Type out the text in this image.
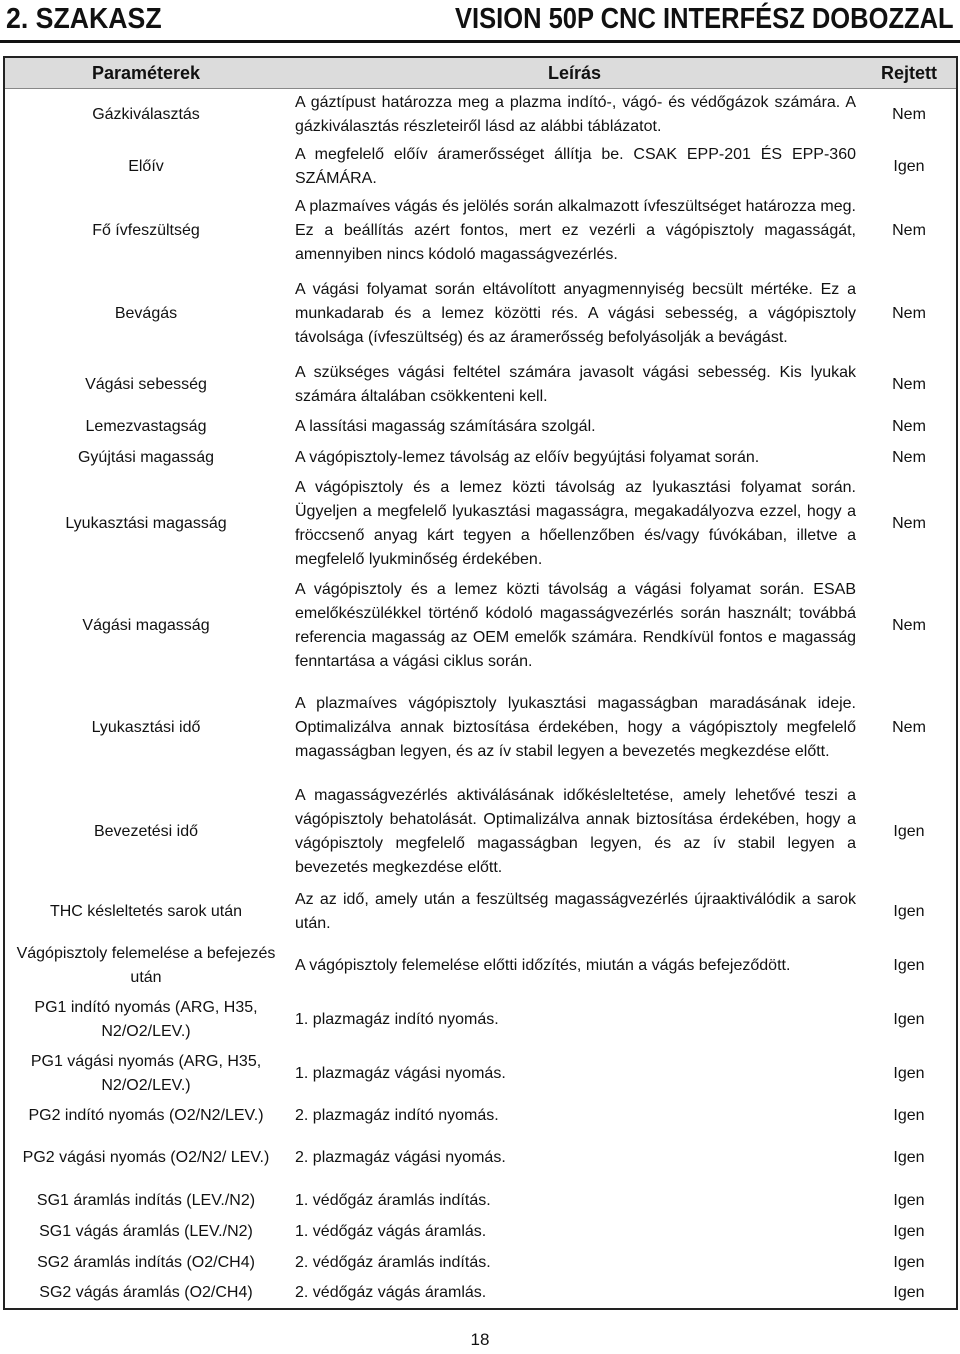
2. SZAKASZ	VISION 50P CNC INTERFÉSZ DOBOZZAL
Paraméterek	Leírás	Rejtett
Gázkiválasztás	A gáztípust határozza meg a plazma indító-, vágó- és védőgázok számára. A gázkiválasztás részleteiről lásd az alábbi táblázatot.	Nem
Előív	A megfelelő előív áramerősséget állítja be. CSAK EPP-201 ÉS EPP-360 SZÁMÁRA.	Igen
Fő ívfeszültség	A plazmaíves vágás és jelölés során alkalmazott ívfeszültséget határozza meg. Ez a beállítás azért fontos, mert ez vezérli a vágópisztoly magasságát, amennyiben nincs kódoló magasságvezérlés.	Nem
Bevágás	A vágási folyamat során eltávolított anyagmennyiség becsült mértéke. Ez a munkadarab és a lemez közötti rés. A vágási sebesség, a vágópisztoly távolsága (ívfeszültség) és az áramerősség befolyásolják a bevágást.	Nem
Vágási sebesség	A szükséges vágási feltétel számára javasolt vágási sebesség. Kis lyukak számára általában csökkenteni kell.	Nem
Lemezvastagság	A lassítási magasság számítására szolgál.	Nem
Gyújtási magasság	A vágópisztoly-lemez távolság az előív begyújtási folyamat során.	Nem
Lyukasztási magasság	A vágópisztoly és a lemez közti távolság az lyukasztási folyamat során. Ügyeljen a megfelelő lyukasztási magasságra, megakadályozva ezzel, hogy a fröccsenő anyag kárt tegyen a hőellenzőben és/vagy fúvókában, illetve a megfelelő lyukminőség érdekében.	Nem
Vágási magasság	A vágópisztoly és a lemez közti távolság a vágási folyamat során. ESAB emelőkészülékkel történő kódoló magasságvezérlés során használt; továbbá referencia magasság az OEM emelők számára. Rendkívül fontos e magasság fenntartása a vágási ciklus során.	Nem
Lyukasztási idő	A plazmaíves vágópisztoly lyukasztási magasságban maradásának ideje. Optimalizálva annak biztosítása érdekében, hogy a vágópisztoly megfelelő magasságban legyen, és az ív stabil legyen a bevezetés megkezdése előtt.	Nem
Bevezetési idő	A magasságvezérlés aktiválásának időkésleltetése, amely lehetővé teszi a vágópisztoly behatolását. Optimalizálva annak biztosítása érdekében, hogy a vágópisztoly megfelelő magasságban legyen, és az ív stabil legyen a bevezetés megkezdése előtt.	Igen
THC késleltetés sarok után	Az az idő, amely után a feszültség magasságvezérlés újraaktiválódik a sarok után.	Igen
Vágópisztoly felemelése a befejezés után	A vágópisztoly felemelése előtti időzítés, miután a vágás befejeződött.	Igen
PG1 indító nyomás (ARG, H35, N2/O2/LEV.)	1. plazmagáz indító nyomás.	Igen
PG1 vágási nyomás (ARG, H35, N2/O2/LEV.)	1. plazmagáz vágási nyomás.	Igen
PG2 indító nyomás (O2/N2/LEV.)	2. plazmagáz indító nyomás.	Igen
PG2 vágási nyomás (O2/N2/ LEV.)	2. plazmagáz vágási nyomás.	Igen
SG1 áramlás indítás (LEV./N2)	1. védőgáz áramlás indítás.	Igen
SG1 vágás áramlás (LEV./N2)	1. védőgáz vágás áramlás.	Igen
SG2 áramlás indítás (O2/CH4)	2. védőgáz áramlás indítás.	Igen
SG2 vágás áramlás (O2/CH4)	2. védőgáz vágás áramlás.	Igen
18
